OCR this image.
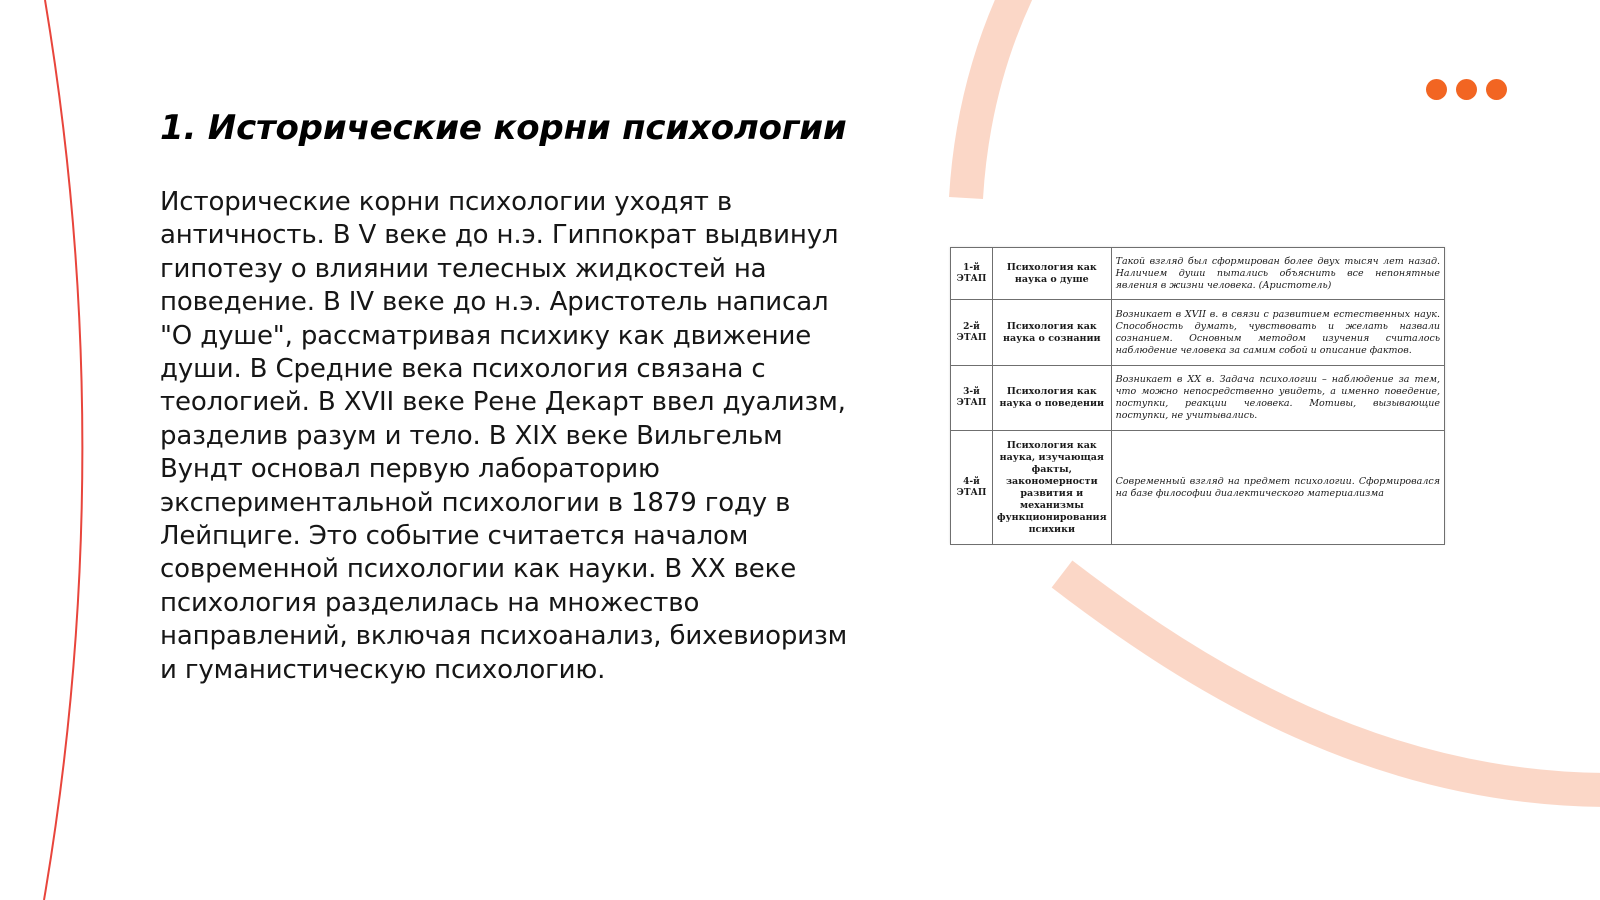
1. Исторические корни психологии

Исторические корни психологии уходят в античность. В V веке до н.э. Гиппократ выдвинул гипотезу о влиянии телесных жидкостей на поведение. В IV веке до н.э. Аристотель написал "О душе", рассматривая психику как движение души. В Средние века психология связана с теологией. В XVII веке Рене Декарт ввел дуализм, разделив разум и тело. В XIX веке Вильгельм Вундт основал первую лабораторию экспериментальной психологии в 1879 году в Лейпциге. Это событие считается началом современной психологии как науки. В XX веке психология разделилась на множество направлений, включая психоанализ, бихевиоризм и гуманистическую психологию.

1-й ЭТАП	Психология как наука о душе	Такой взгляд был сформирован более двух тысяч лет назад. Наличием души пытались объяснить все непонятные явления в жизни человека. (Аристотель)
2-й ЭТАП	Психология как наука о сознании	Возникает в XVII в. в связи с развитием естественных наук. Способность думать, чувствовать и желать назвали сознанием. Основным методом изучения считалось наблюдение человека за самим собой и описание фактов.
3-й ЭТАП	Психология как наука о поведении	Возникает в XX в. Задача психологии – наблюдение за тем, что можно непосредственно увидеть, а именно поведение, поступки, реакции человека. Мотивы, вызывающие поступки, не учитывались.
4-й ЭТАП	Психология как наука, изучающая факты, закономерности развития и механизмы функционирования психики	Современный взгляд на предмет психологии. Сформировался на базе философии диалектического материализма
